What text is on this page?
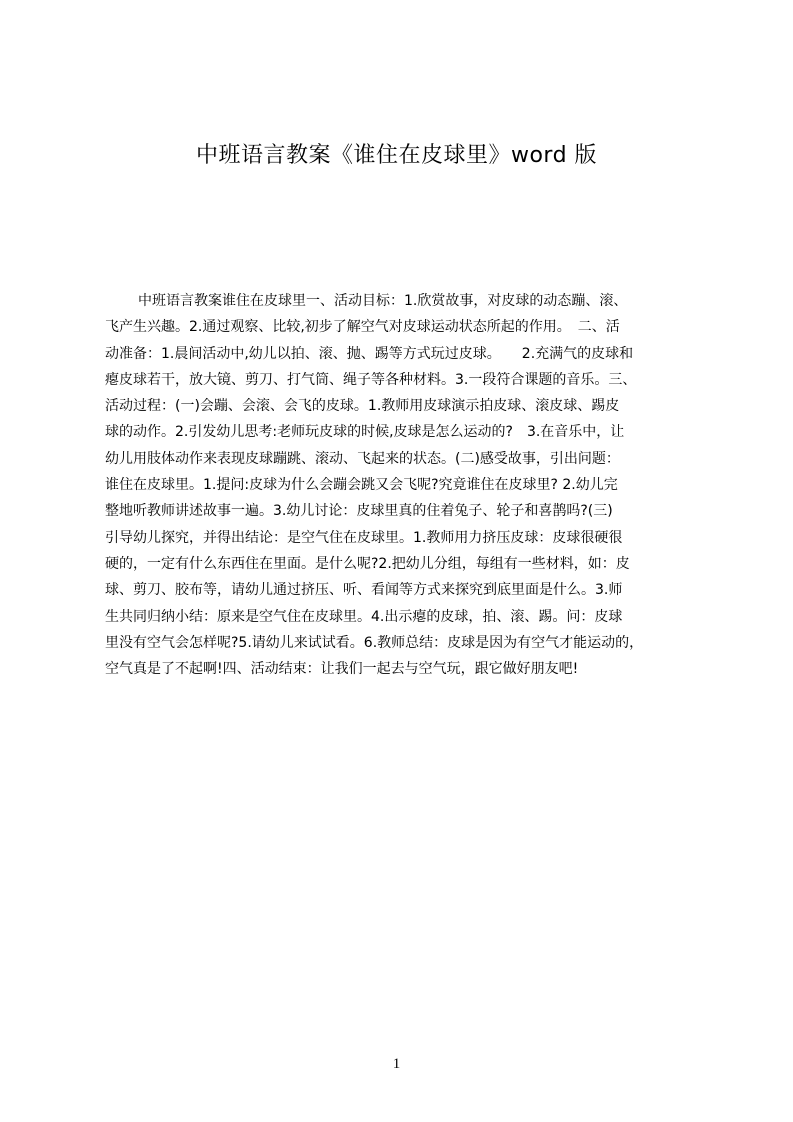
中班语言教案《谁住在皮球里》word 版
中班语言教案谁住在皮球里一、活动目标：1.欣赏故事，对皮球的动态蹦、滚、
飞产生兴趣。2.通过观察、比较,初步了解空气对皮球运动状态所起的作用。　二、活
动准备：1.晨间活动中,幼儿以拍、滚、抛、踢等方式玩过皮球。　　2.充满气的皮球和
瘪皮球若干，放大镜、剪刀、打气筒、绳子等各种材料。3.一段符合课题的音乐。三、
活动过程：(一)会蹦、会滚、会飞的皮球。1.教师用皮球演示拍皮球、滚皮球、踢皮
球的动作。2.引发幼儿思考:老师玩皮球的时候,皮球是怎么运动的?　3.在音乐中，让
幼儿用肢体动作来表现皮球蹦跳、滚动、飞起来的状态。(二)感受故事，引出问题：
谁住在皮球里。1.提问:皮球为什么会蹦会跳又会飞呢?究竟谁住在皮球里? 2.幼儿完
整地听教师讲述故事一遍。3.幼儿讨论：皮球里真的住着兔子、轮子和喜鹊吗?(三)
引导幼儿探究，并得出结论：是空气住在皮球里。1.教师用力挤压皮球：皮球很硬很
硬的，一定有什么东西住在里面。是什么呢?2.把幼儿分组，每组有一些材料，如：皮
球、剪刀、胶布等，请幼儿通过挤压、听、看闻等方式来探究到底里面是什么。3.师
生共同归纳小结：原来是空气住在皮球里。4.出示瘪的皮球，拍、滚、踢。问：皮球
里没有空气会怎样呢?5.请幼儿来试试看。6.教师总结：皮球是因为有空气才能运动的，
空气真是了不起啊!四、活动结束：让我们一起去与空气玩，跟它做好朋友吧!
1
